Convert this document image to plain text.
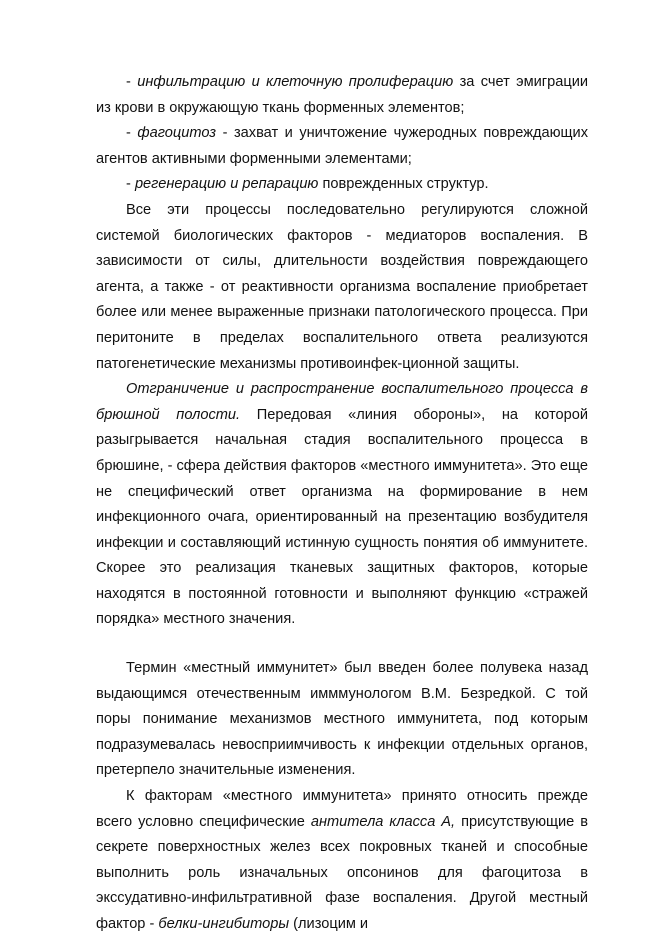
- инфильтрацию и клеточную пролиферацию за счет эмиграции из крови в окружающую ткань форменных элементов;

- фагоцитоз - захват и уничтожение чужеродных повреждающих агентов активными форменными элементами;

- регенерацию и репарацию поврежденных структур.

Все эти процессы последовательно регулируются сложной системой биологических факторов - медиаторов воспаления. В зависимости от силы, длительности воздействия повреждающего агента, а также - от реактивности организма воспаление приобретает более или менее выраженные признаки патологического процесса. При перитоните в пределах воспалительного ответа реализуются патогенетические механизмы противоинфек-ционной защиты.

Отграничение и распространение воспалительного процесса в брюшной полости. Передовая «линия обороны», на которой разыгрывается начальная стадия воспалительного процесса в брюшине, - сфера действия факторов «местного иммунитета». Это еще не специфический ответ организма на формирование в нем инфекционного очага, ориентированный на презентацию возбудителя инфекции и составляющий истинную сущность понятия об иммунитете. Скорее это реализация тканевых защитных факторов, которые находятся в постоянной готовности и выполняют функцию «стражей порядка» местного значения.

Термин «местный иммунитет» был введен более полувека назад выдающимся отечественным имммунологом В.М. Безредкой. С той поры понимание механизмов местного иммунитета, под которым подразумевалась невосприимчивость к инфекции отдельных органов, претерпело значительные изменения.

К факторам «местного иммунитета» принято относить прежде всего условно специфические антитела класса А, присутствующие в секрете поверхностных желез всех покровных тканей и способные выполнить роль изначальных опсонинов для фагоцитоза в экссудативно-инфильтративной фазе воспаления. Другой местный фактор - белки-ингибиторы (лизоцим и
